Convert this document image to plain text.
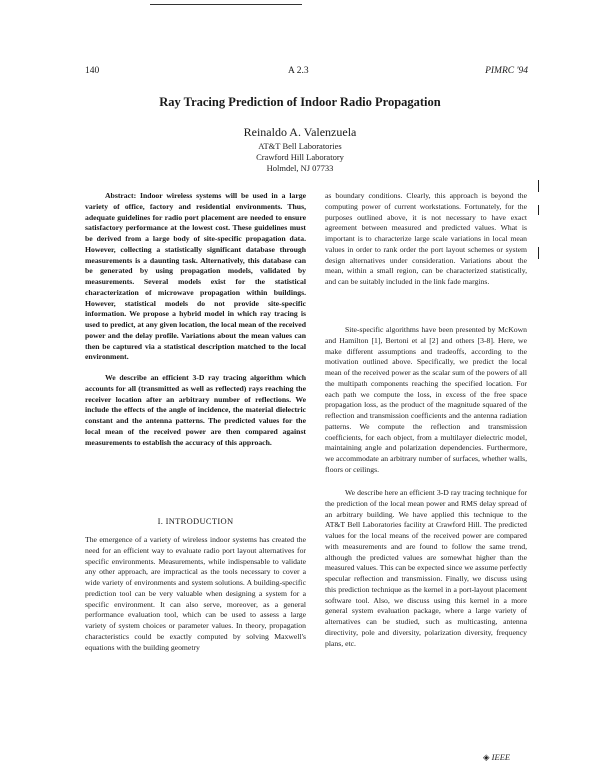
140	A 2.3	PIMRC '94
Ray Tracing Prediction of Indoor Radio Propagation
Reinaldo A. Valenzuela
AT&T Bell Laboratories
Crawford Hill Laboratory
Holmdel, NJ 07733

Abstract: Indoor wireless systems will be used in a large variety of office, factory and residential environments. Thus, adequate guidelines for radio port placement are needed to ensure satisfactory performance at the lowest cost. These guidelines must be derived from a large body of site-specific propagation data. However, collecting a statistically significant database through measurements is a daunting task. Alternatively, this database can be generated by using propagation models, validated by measurements. Several models exist for the statistical characterization of microwave propagation within buildings. However, statistical models do not provide site-specific information. We propose a hybrid model in which ray tracing is used to predict, at any given location, the local mean of the received power and the delay profile. Variations about the mean values can then be captured via a statistical description matched to the local environment.

We describe an efficient 3-D ray tracing algorithm which accounts for all (transmitted as well as reflected) rays reaching the receiver location after an arbitrary number of reflections. We include the effects of the angle of incidence, the material dielectric constant and the antenna patterns. The predicted values for the local mean of the received power are then compared against measurements to establish the accuracy of this approach.

I. INTRODUCTION

The emergence of a variety of wireless indoor systems has created the need for an efficient way to evaluate radio port layout alternatives for specific environments. Measurements, while indispensable to validate any other approach, are impractical as the tools necessary to cover a wide variety of environments and system solutions. A building-specific prediction tool can be very valuable when designing a system for a specific environment. It can also serve, moreover, as a general performance evaluation tool, which can be used to assess a large variety of system choices or parameter values. In theory, propagation characteristics could be exactly computed by solving Maxwell's equations with the building geometry

as boundary conditions. Clearly, this approach is beyond the computing power of current workstations. Fortunately, for the purposes outlined above, it is not necessary to have exact agreement between measured and predicted values. What is important is to characterize large scale variations in local mean values in order to rank order the port layout schemes or system design alternatives under consideration. Variations about the mean, within a small region, can be characterized statistically, and can be suitably included in the link fade margins.

Site-specific algorithms have been presented by McKown and Hamilton [1], Bertoni et al [2] and others [3-8]. Here, we make different assumptions and tradeoffs, according to the motivation outlined above. Specifically, we predict the local mean of the received power as the scalar sum of the powers of all the multipath components reaching the specified location. For each path we compute the loss, in excess of the free space propagation loss, as the product of the magnitude squared of the reflection and transmission coefficients and the antenna radiation patterns. We compute the reflection and transmission coefficients, for each object, from a multilayer dielectric model, maintaining angle and polarization dependencies. Furthermore, we accommodate an arbitrary number of surfaces, whether walls, floors or ceilings.

We describe here an efficient 3-D ray tracing technique for the prediction of the local mean power and RMS delay spread of an arbitrary building. We have applied this technique to the AT&T Bell Laboratories facility at Crawford Hill. The predicted values for the local means of the received power are compared with measurements and are found to follow the same trend, although the predicted values are somewhat higher than the measured values. This can be expected since we assume perfectly specular reflection and transmission. Finally, we discuss using this prediction technique as the kernel in a port-layout placement software tool. Also, we discuss using this kernel in a more general system evaluation package, where a large variety of alternatives can be studied, such as multicasting, antenna directivity, pole and diversity, polarization diversity, frequency plans, etc.

◈ IEEE
